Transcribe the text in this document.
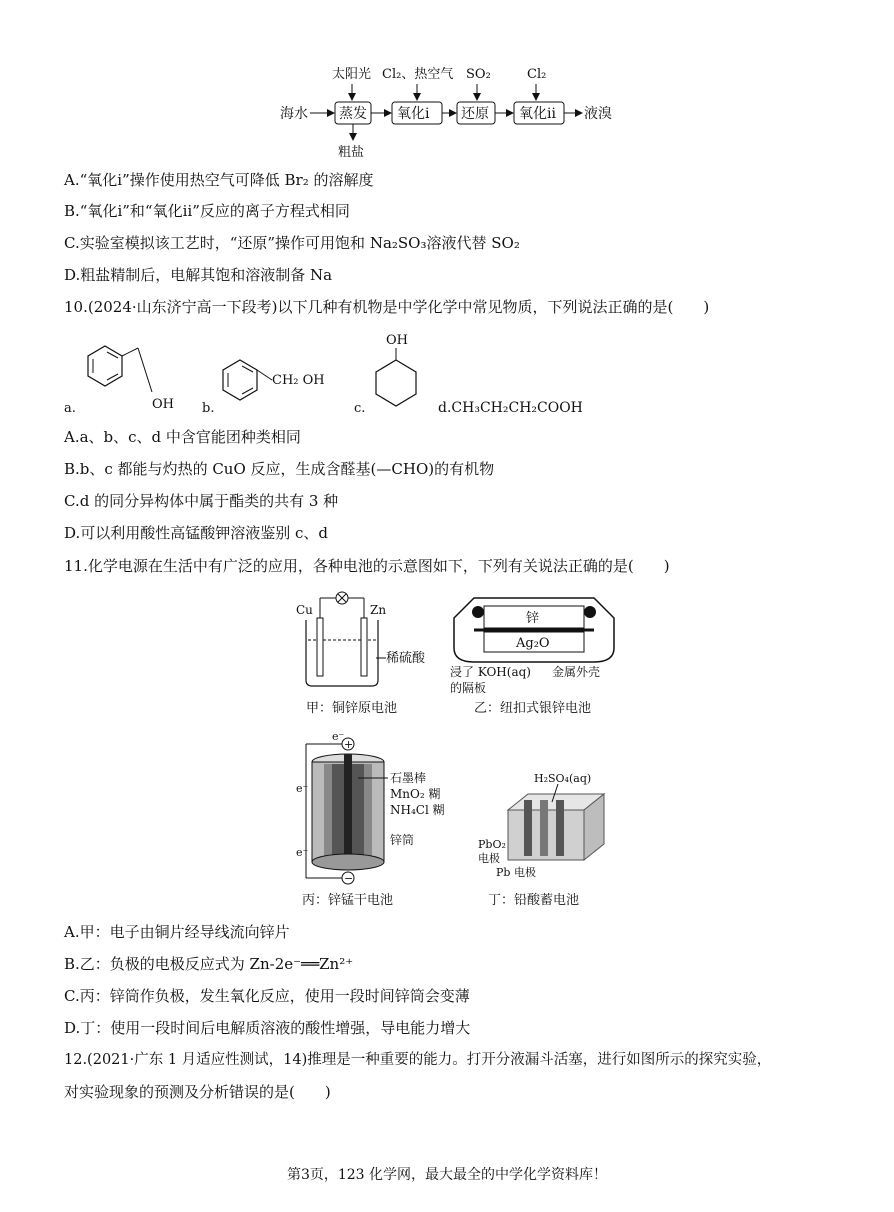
太阳光 Cl₂、热空气 SO₂	Cl₂
海水 蒸发 氧化ⅰ 还原 氧化ⅱ 液溴
粗盐
A.“氧化ⅰ”操作使用热空气可降低 Br₂ 的溶解度
B.“氧化ⅰ”和“氧化ⅱ”反应的离子方程式相同
C.实验室模拟该工艺时，“还原”操作可用饱和 Na₂SO₃溶液代替 SO₂
D.粗盐精制后，电解其饱和溶液制备 Na
10.(2024·山东济宁高一下段考)以下几种有机物是中学化学中常见物质，下列说法正确的是(　　)
a.	OH b.
CH₂ OH
c.
OH
d.CH₃CH₂CH₂COOH
A.a、b、c、d 中含官能团种类相同
B.b、c 都能与灼热的 CuO 反应，生成含醛基(—CHO)的有机物
C.d 的同分异构体中属于酯类的共有 3 种
D.可以利用酸性高锰酸钾溶液鉴别 c、d
11.化学电源在生活中有广泛的应用，各种电池的示意图如下，下列有关说法正确的是(　　)
Cu	Zn
稀硫酸
甲：铜锌原电池
锌
Ag₂O
浸了 KOH(aq)
的隔板
金属外壳
乙：纽扣式银锌电池
e⁻
+
e⁻
e⁻
−
石墨棒
MnO₂ 糊
NH₄Cl 糊
锌筒
丙：锌锰干电池
H₂SO₄(aq)
PbO₂
电极
Pb 电极
丁：铅酸蓄电池
A.甲：电子由铜片经导线流向锌片
B.乙：负极的电极反应式为 Zn-2e⁻══Zn²⁺
C.丙：锌筒作负极，发生氧化反应，使用一段时间锌筒会变薄
D.丁：使用一段时间后电解质溶液的酸性增强，导电能力增大
12.(2021·广东 1 月适应性测试，14)推理是一种重要的能力。打开分液漏斗活塞，进行如图所示的探究实验，
对实验现象的预测及分析错误的是(　　)
第3页，123 化学网，最大最全的中学化学资料库！
